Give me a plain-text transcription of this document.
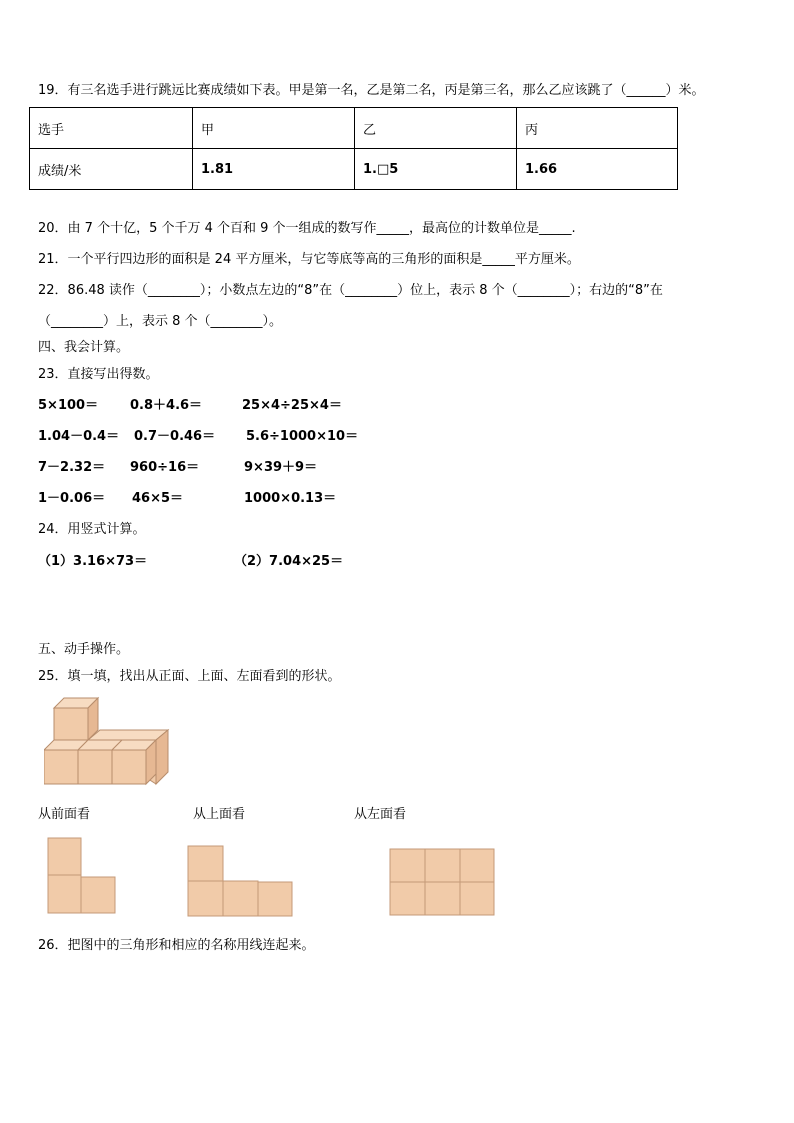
19．有三名选手进行跳远比赛成绩如下表。甲是第一名，乙是第二名，丙是第三名，那么乙应该跳了（______）米。
选手	甲	乙	丙
成绩/米	1.81	1.□5	1.66
20．由 7 个十亿，5 个千万 4 个百和 9 个一组成的数写作_____，最高位的计数单位是_____.
21．一个平行四边形的面积是 24 平方厘米，与它等底等高的三角形的面积是_____平方厘米。
22．86.48 读作（________）；小数点左边的“8”在（________）位上，表示 8 个（________）；右边的“8”在
（________）上，表示 8 个（________）。
四、我会计算。
23．直接写出得数。
5×100＝ 0.8＋4.6＝	25×4÷25×4＝
1.04－0.4＝ 0.7－0.46＝ 5.6÷1000×10＝
7－2.32＝ 960÷16＝	9×39＋9＝
1－0.06＝ 46×5＝	1000×0.13＝
24．用竖式计算。
（1）3.16×73＝	（2）7.04×25＝
五、动手操作。
25．填一填，找出从正面、上面、左面看到的形状。
从前面看	从上面看	从左面看
26．把图中的三角形和相应的名称用线连起来。
